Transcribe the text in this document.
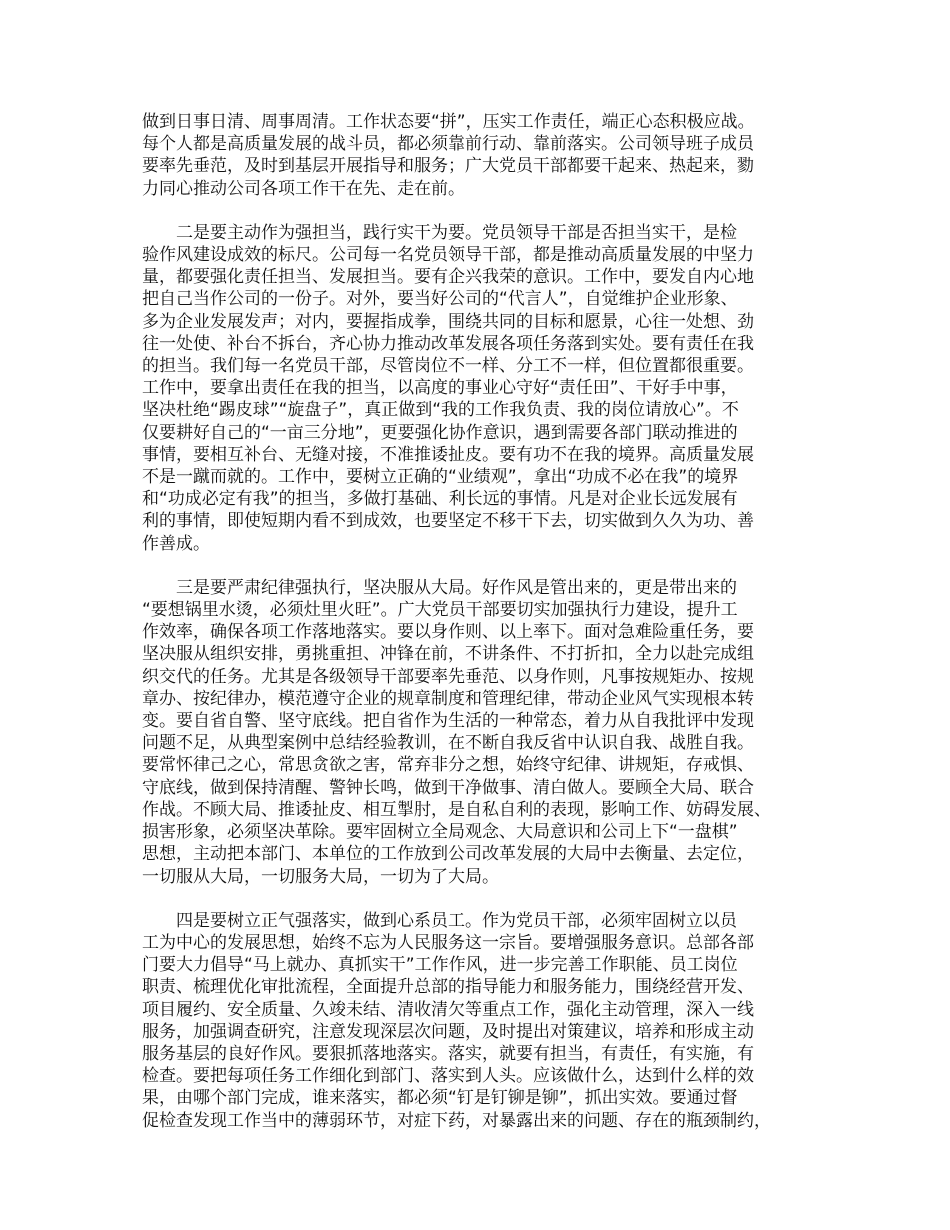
做到日事日清、周事周清。工作状态要“拼”，压实工作责任，端正心态积极应战。
每个人都是高质量发展的战斗员，都必须靠前行动、靠前落实。公司领导班子成员
要率先垂范，及时到基层开展指导和服务；广大党员干部都要干起来、热起来，勠
力同心推动公司各项工作干在先、走在前。
　　二是要主动作为强担当，践行实干为要。党员领导干部是否担当实干，是检
验作风建设成效的标尺。公司每一名党员领导干部，都是推动高质量发展的中坚力
量，都要强化责任担当、发展担当。要有企兴我荣的意识。工作中，要发自内心地
把自己当作公司的一份子。对外，要当好公司的“代言人”，自觉维护企业形象、
多为企业发展发声；对内，要握指成拳，围绕共同的目标和愿景，心往一处想、劲
往一处使、补台不拆台，齐心协力推动改革发展各项任务落到实处。要有责任在我
的担当。我们每一名党员干部，尽管岗位不一样、分工不一样，但位置都很重要。
工作中，要拿出责任在我的担当，以高度的事业心守好“责任田”、干好手中事，
坚决杜绝“踢皮球”“旋盘子”，真正做到“我的工作我负责、我的岗位请放心”。不
仅要耕好自己的“一亩三分地”，更要强化协作意识，遇到需要各部门联动推进的
事情，要相互补台、无缝对接，不准推诿扯皮。要有功不在我的境界。高质量发展
不是一蹴而就的。工作中，要树立正确的“业绩观”，拿出“功成不必在我”的境界
和“功成必定有我”的担当，多做打基础、利长远的事情。凡是对企业长远发展有
利的事情，即使短期内看不到成效，也要坚定不移干下去，切实做到久久为功、善
作善成。
　　三是要严肃纪律强执行，坚决服从大局。好作风是管出来的，更是带出来的
“要想锅里水烫，必须灶里火旺”。广大党员干部要切实加强执行力建设，提升工
作效率，确保各项工作落地落实。要以身作则、以上率下。面对急难险重任务，要
坚决服从组织安排，勇挑重担、冲锋在前，不讲条件、不打折扣，全力以赴完成组
织交代的任务。尤其是各级领导干部要率先垂范、以身作则，凡事按规矩办、按规
章办、按纪律办，模范遵守企业的规章制度和管理纪律，带动企业风气实现根本转
变。要自省自警、坚守底线。把自省作为生活的一种常态，着力从自我批评中发现
问题不足，从典型案例中总结经验教训，在不断自我反省中认识自我、战胜自我。
要常怀律己之心，常思贪欲之害，常弃非分之想，始终守纪律、讲规矩，存戒惧、
守底线，做到保持清醒、警钟长鸣，做到干净做事、清白做人。要顾全大局、联合
作战。不顾大局、推诿扯皮、相互掣肘，是自私自利的表现，影响工作、妨碍发展、
损害形象，必须坚决革除。要牢固树立全局观念、大局意识和公司上下“一盘棋”
思想，主动把本部门、本单位的工作放到公司改革发展的大局中去衡量、去定位，
一切服从大局，一切服务大局，一切为了大局。
　　四是要树立正气强落实，做到心系员工。作为党员干部，必须牢固树立以员
工为中心的发展思想，始终不忘为人民服务这一宗旨。要增强服务意识。总部各部
门要大力倡导“马上就办、真抓实干”工作作风，进一步完善工作职能、员工岗位
职责、梳理优化审批流程，全面提升总部的指导能力和服务能力，围绕经营开发、
项目履约、安全质量、久竣未结、清收清欠等重点工作，强化主动管理，深入一线
服务，加强调查研究，注意发现深层次问题，及时提出对策建议，培养和形成主动
服务基层的良好作风。要狠抓落地落实。落实，就要有担当，有责任，有实施，有
检查。要把每项任务工作细化到部门、落实到人头。应该做什么，达到什么样的效
果，由哪个部门完成，谁来落实，都必须“钉是钉铆是铆”，抓出实效。要通过督
促检查发现工作当中的薄弱环节，对症下药，对暴露出来的问题、存在的瓶颈制约，
